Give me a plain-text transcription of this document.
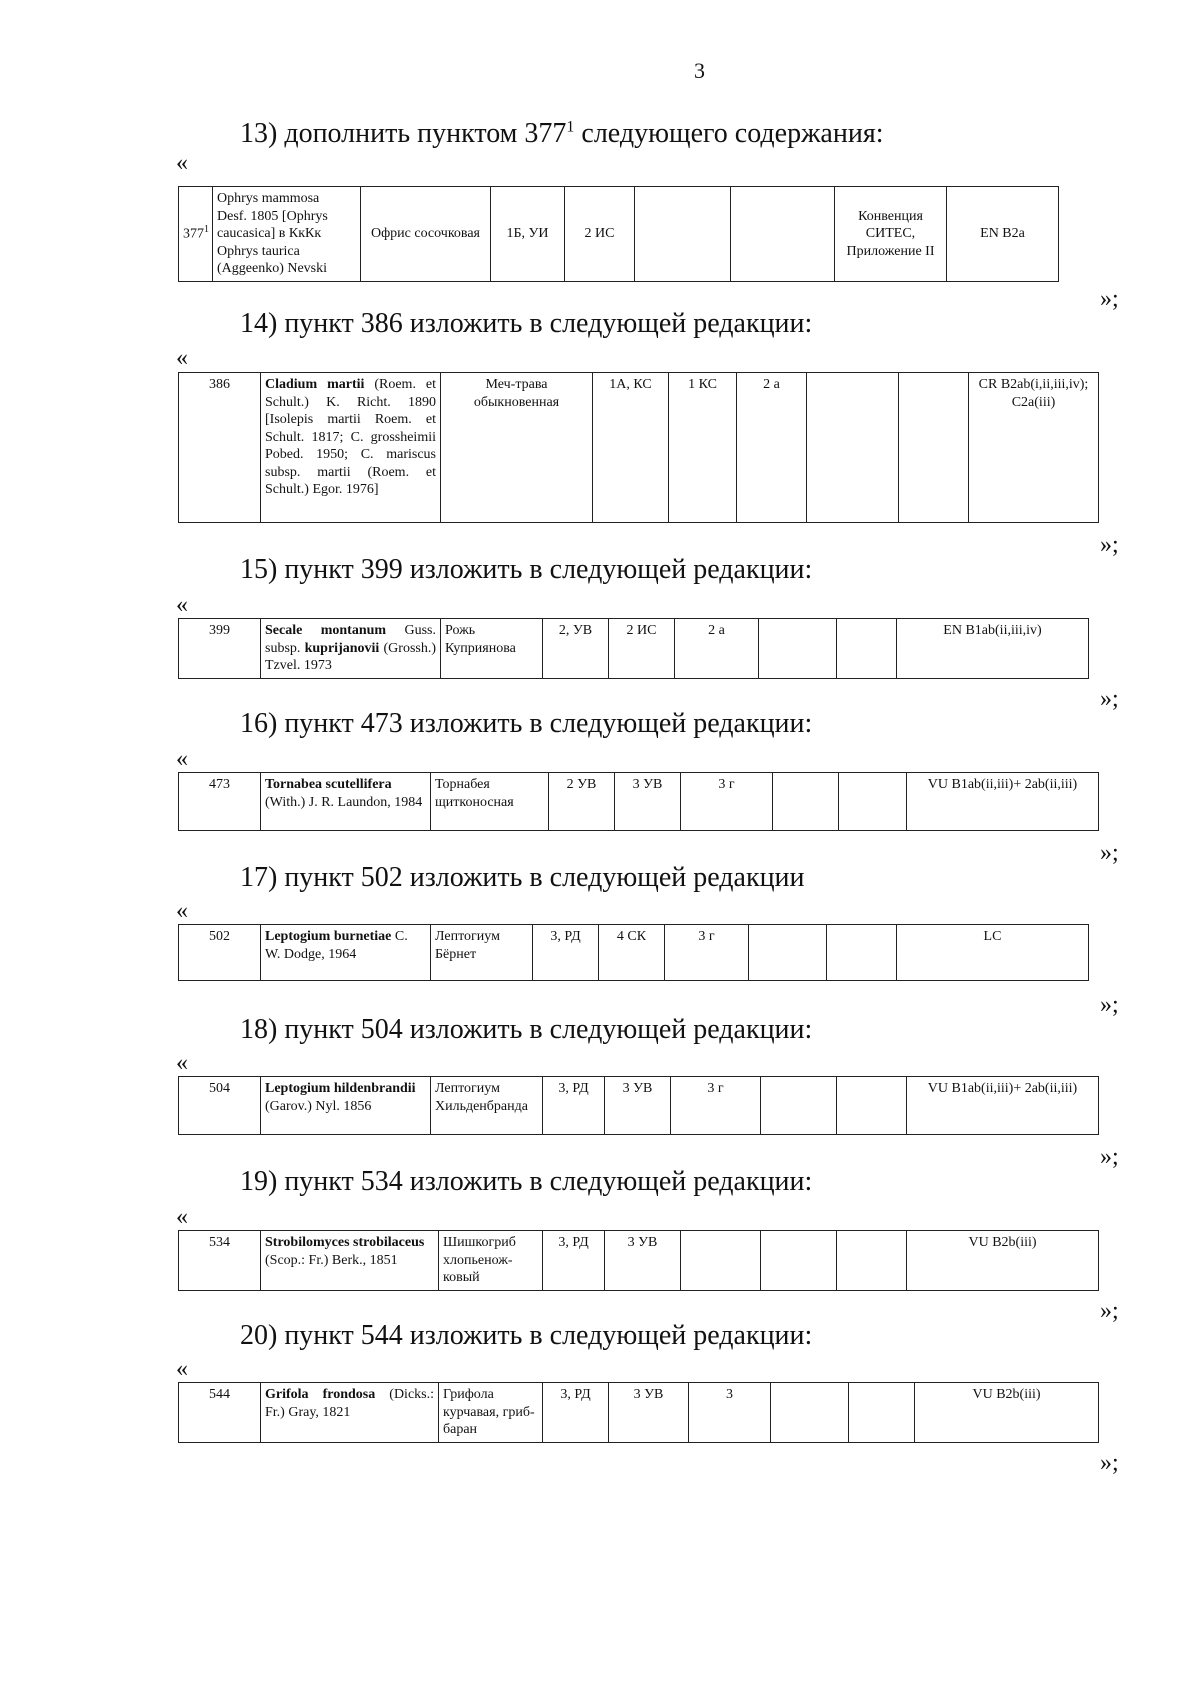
3
13) дополнить пунктом $377^1$ следующего содержания:
«
$377^1$	Ophrys mammosa
Desf. 1805 [Ophrys
caucasica] в КкКк
Ophrys taurica
(Aggeenko) Nevski	Офрис сосочковая	1Б, УИ	2 ИС			Конвенция СИТЕС, Приложение II	EN B2a
»;
14) пункт 386 изложить в следующей редакции:
«
386	Cladium martii (Roem. et Schult.) K. Richt. 1890 [Isolepis martii Roem. et Schult. 1817; C. grossheimii Pobed. 1950; C. mariscus subsp. martii (Roem. et Schult.) Egor. 1976]	Меч-трава обыкновенная	1А, КС	1 КС	2 а			CR B2ab(i,ii,iii,iv); C2a(iii)
»;
15) пункт 399 изложить в следующей редакции:
«
399	Secale montanum Guss. subsp. kuprijanovii (Grossh.) Tzvel. 1973	Рожь Куприянова	2, УВ	2 ИС	2 а			EN B1ab(ii,iii,iv)
»;
16) пункт 473 изложить в следующей редакции:
«
473	Tornabea scutellifera (With.) J. R. Laundon, 1984	Торнабея щитконосная	2 УВ	3 УВ	3 г			VU B1ab(ii,iii)+ 2ab(ii,iii)
»;
17) пункт 502 изложить в следующей редакции
«
502	Leptogium burnetiae C. W. Dodge, 1964	Лептогиум Бёрнет	3, РД	4 СК	3 г			LC
»;
18) пункт 504 изложить в следующей редакции:
«
504	Leptogium hildenbrandii (Garov.) Nyl. 1856	Лептогиум Хильденбранда	3, РД	3 УВ	3 г			VU B1ab(ii,iii)+ 2ab(ii,iii)
»;
19) пункт 534 изложить в следующей редакции:
«
534	Strobilomyces strobilaceus (Scop.: Fr.) Berk., 1851	Шишкогриб хлопьенож-ковый	3, РД	3 УВ				VU B2b(iii)
»;
20) пункт 544 изложить в следующей редакции:
«
544	Grifola frondosa (Dicks.: Fr.) Gray, 1821	Грифола курчавая, гриб-баран	3, РД	3 УВ	3			VU B2b(iii)
»;
